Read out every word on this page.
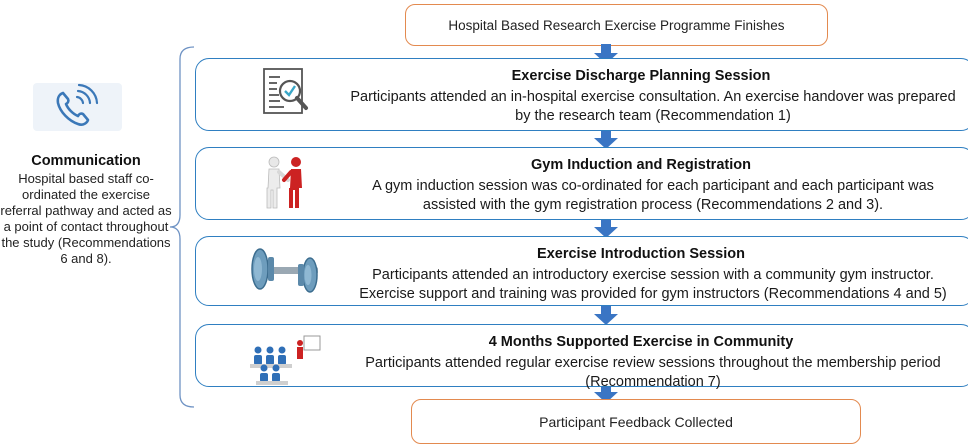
Communication
Hospital based staff co-ordinated the exercise referral pathway and acted as a point of contact throughout the study (Recommendations 6 and 8).
Hospital Based Research Exercise Programme Finishes
Exercise Discharge Planning Session
Participants attended an in-hospital exercise consultation. An exercise handover was prepared by the research team (Recommendation 1)
Gym Induction and Registration
A gym induction session was co-ordinated for each participant and each participant was assisted with the gym registration process (Recommendations 2 and 3).
Exercise Introduction Session
Participants attended an introductory exercise session with a community gym instructor. Exercise support and training was provided for gym instructors (Recommendations 4 and 5)
4 Months Supported Exercise in Community
Participants attended regular exercise review sessions throughout the membership period (Recommendation 7)
Participant Feedback Collected
